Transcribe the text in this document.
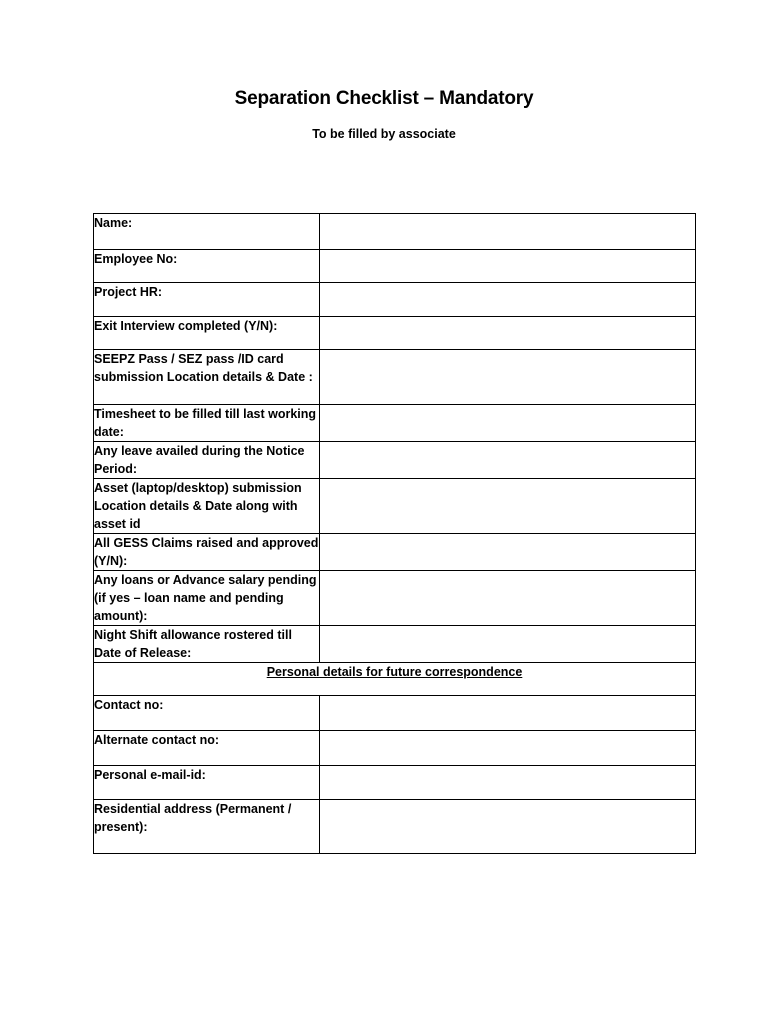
Separation Checklist – Mandatory
To be filled by associate
Name:	
Employee No:	
Project HR:	
Exit Interview completed (Y/N):	
SEEPZ Pass / SEZ pass /ID card submission Location details & Date :	
Timesheet to be filled till last working date:	
Any leave availed during the Notice Period:	
Asset (laptop/desktop) submission Location details & Date along with asset id	
All GESS Claims raised and approved (Y/N):	
Any loans or Advance salary pending (if yes – loan name and pending amount):	
Night Shift allowance rostered till Date of Release:	
Personal details for future correspondence	
Contact no:	
Alternate contact no:	
Personal e-mail-id:	
Residential address (Permanent / present):	
